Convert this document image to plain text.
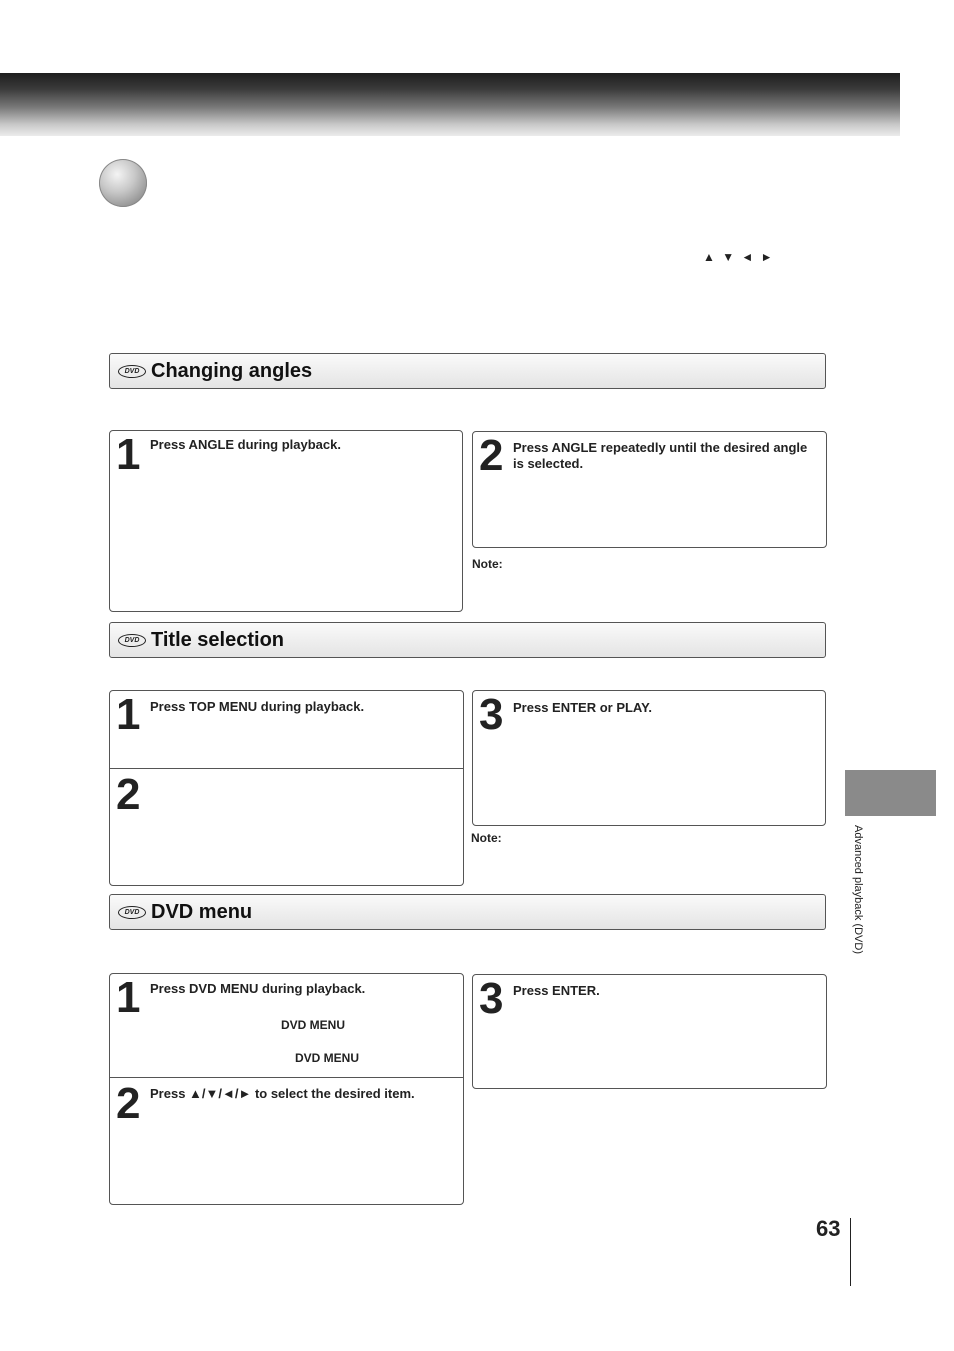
▲ ▼ ◄ ►
DVD Changing angles
1 Press ANGLE during playback.	2 Press ANGLE repeatedly until the desired angle is selected.
Note:
DVD Title selection
1 Press TOP MENU during playback.
2
3 Press ENTER or PLAY.
Note:
DVD DVD menu
1 Press DVD MENU during playback.
DVD MENU
DVD MENU
2 Press ▲/▼/◄/► to select the desired item.
3 Press ENTER.
Advanced playback (DVD)
63
